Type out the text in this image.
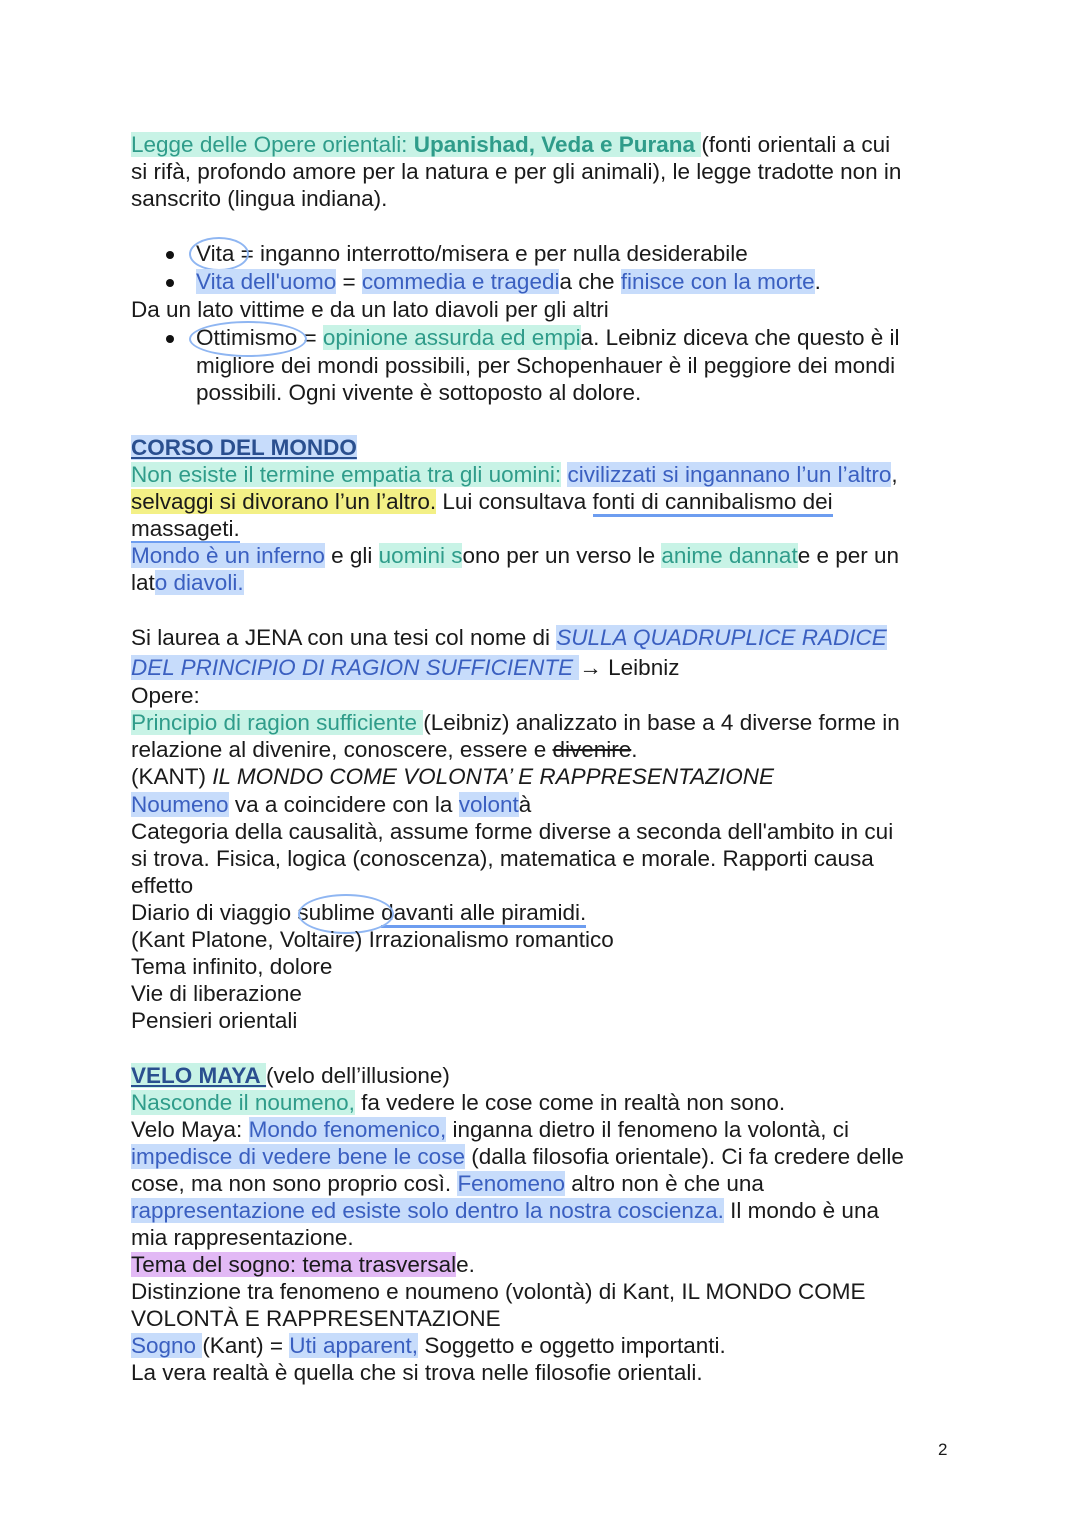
Legge delle Opere orientali: Upanishad, Veda e Purana (fonti orientali a cui
si rifà, profondo amore per la natura e per gli animali), le legge tradotte non in
sanscrito (lingua indiana).
Vita = inganno interrotto/misera e per nulla desiderabile
Vita dell'uomo = commedia e tragedia che finisce con la morte.
Da un lato vittime e da un lato diavoli per gli altri
Ottimismo = opinione assurda ed empia. Leibniz diceva che questo è il
migliore dei mondi possibili, per Schopenhauer è il peggiore dei mondi
possibili. Ogni vivente è sottoposto al dolore.
CORSO DEL MONDO
Non esiste il termine empatia tra gli uomini: civilizzati si ingannano l’un l’altro,
selvaggi si divorano l’un l’altro. Lui consultava fonti di cannibalismo dei
massageti.
Mondo è un inferno e gli uomini sono per un verso le anime dannate e per un
lato diavoli.
Si laurea a JENA con una tesi col nome di SULLA QUADRUPLICE RADICE
DEL PRINCIPIO DI RAGION SUFFICIENTE → Leibniz
Opere:
Principio di ragion sufficiente (Leibniz) analizzato in base a 4 diverse forme in
relazione al divenire, conoscere, essere e divenire.
(KANT) IL MONDO COME VOLONTA’ E RAPPRESENTAZIONE
Noumeno va a coincidere con la volontà
Categoria della causalità, assume forme diverse a seconda dell'ambito in cui
si trova. Fisica, logica (conoscenza), matematica e morale. Rapporti causa
effetto
Diario di viaggio sublime davanti alle piramidi.
(Kant Platone, Voltaire) Irrazionalismo romantico
Tema infinito, dolore
Vie di liberazione
Pensieri orientali
VELO MAYA (velo dell’illusione)
Nasconde il noumeno, fa vedere le cose come in realtà non sono.
Velo Maya: Mondo fenomenico, inganna dietro il fenomeno la volontà, ci
impedisce di vedere bene le cose (dalla filosofia orientale). Ci fa credere delle
cose, ma non sono proprio così. Fenomeno altro non è che una
rappresentazione ed esiste solo dentro la nostra coscienza. Il mondo è una
mia rappresentazione.
Tema del sogno: tema trasversale.
Distinzione tra fenomeno e noumeno (volontà) di Kant, IL MONDO COME
VOLONTÀ E RAPPRESENTAZIONE
Sogno (Kant) = Uti apparent, Soggetto e oggetto importanti.
La vera realtà è quella che si trova nelle filosofie orientali.
2
